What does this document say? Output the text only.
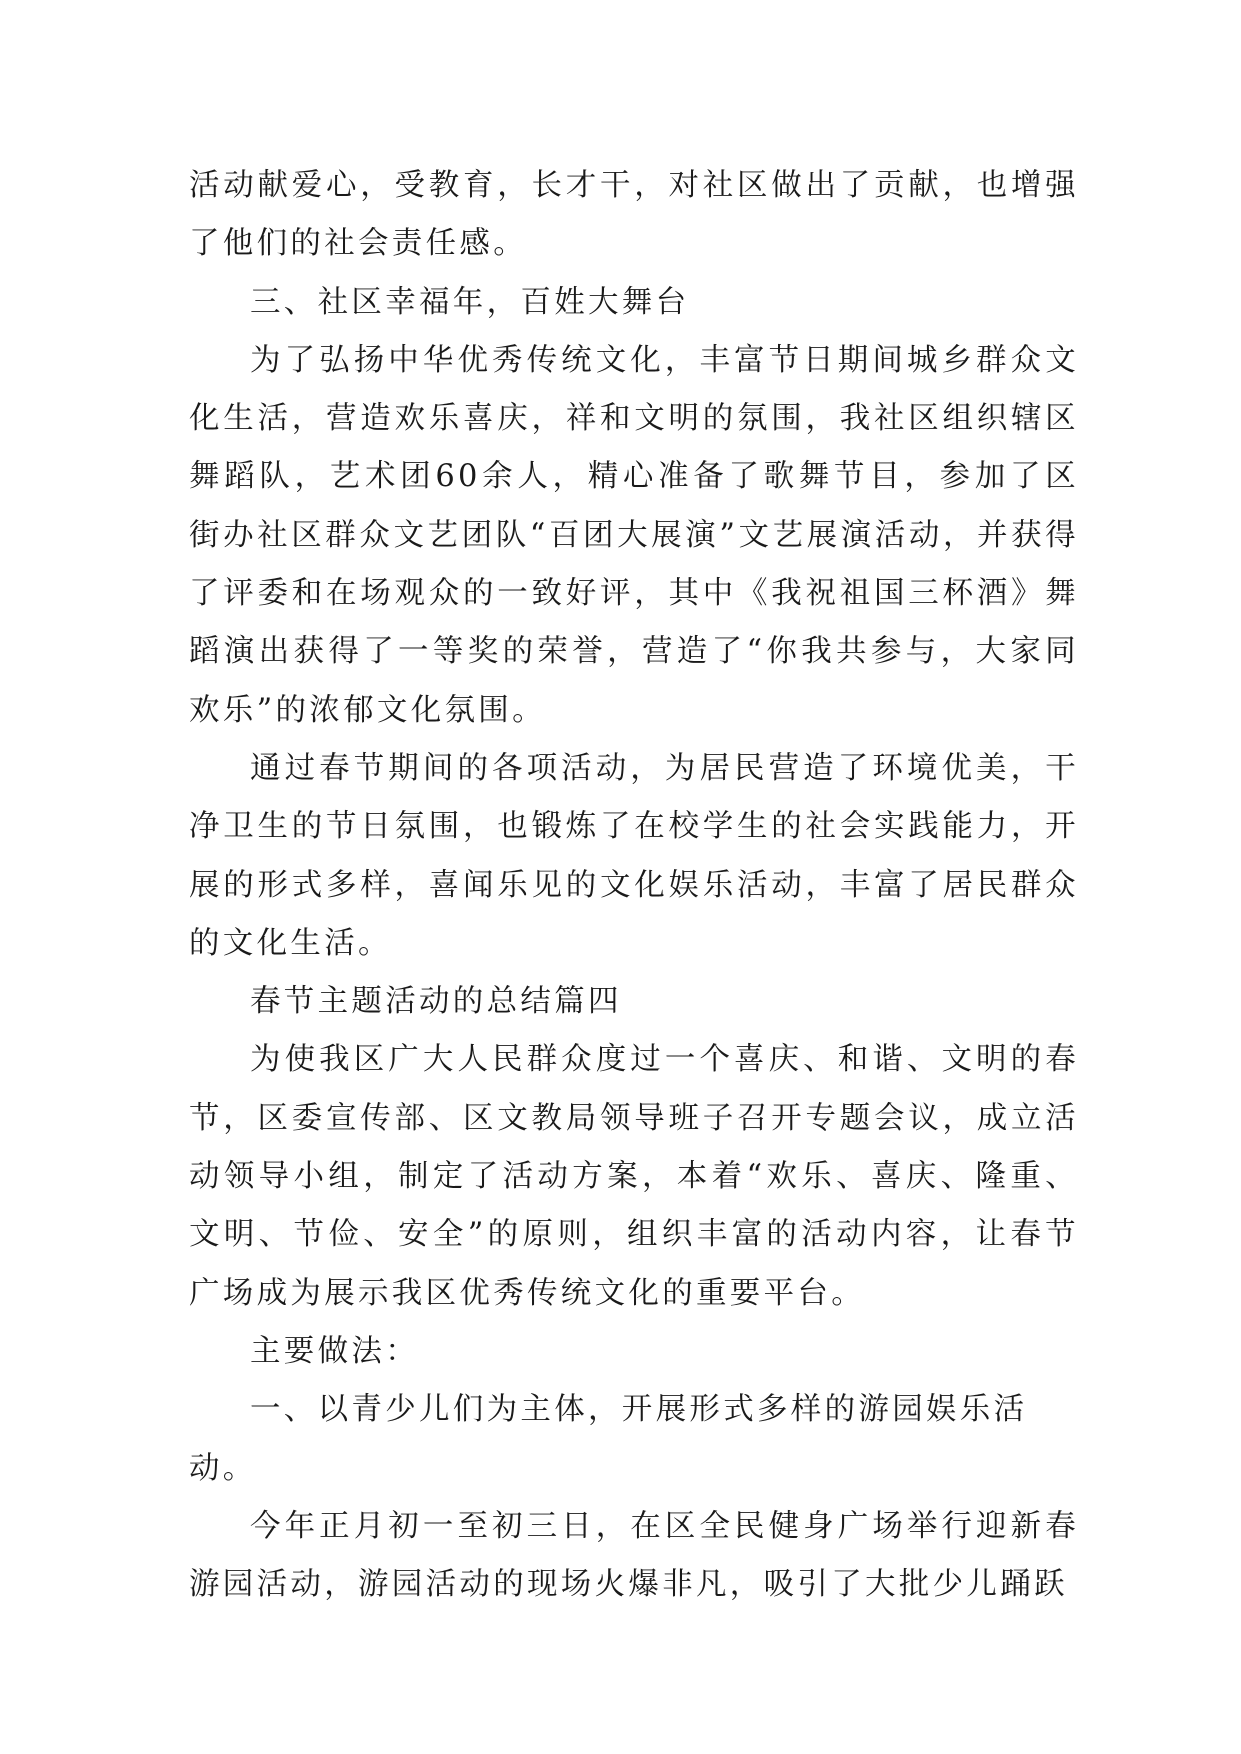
活动献爱心，受教育，长才干，对社区做出了贡献，也增强了他们的社会责任感。

三、社区幸福年，百姓大舞台

为了弘扬中华优秀传统文化，丰富节日期间城乡群众文化生活，营造欢乐喜庆，祥和文明的氛围，我社区组织辖区舞蹈队，艺术团60余人，精心准备了歌舞节目，参加了区街办社区群众文艺团队“百团大展演”文艺展演活动，并获得了评委和在场观众的一致好评，其中《我祝祖国三杯酒》舞蹈演出获得了一等奖的荣誉，营造了“你我共参与，大家同欢乐”的浓郁文化氛围。

通过春节期间的各项活动，为居民营造了环境优美，干净卫生的节日氛围，也锻炼了在校学生的社会实践能力，开展的形式多样，喜闻乐见的文化娱乐活动，丰富了居民群众的文化生活。

春节主题活动的总结篇四

为使我区广大人民群众度过一个喜庆、和谐、文明的春节，区委宣传部、区文教局领导班子召开专题会议，成立活动领导小组，制定了活动方案，本着“欢乐、喜庆、隆重、文明、节俭、安全”的原则，组织丰富的活动内容，让春节广场成为展示我区优秀传统文化的重要平台。

主要做法：

一、以青少儿们为主体，开展形式多样的游园娱乐活动。

今年正月初一至初三日，在区全民健身广场举行迎新春游园活动，游园活动的现场火爆非凡，吸引了大批少儿踊跃
